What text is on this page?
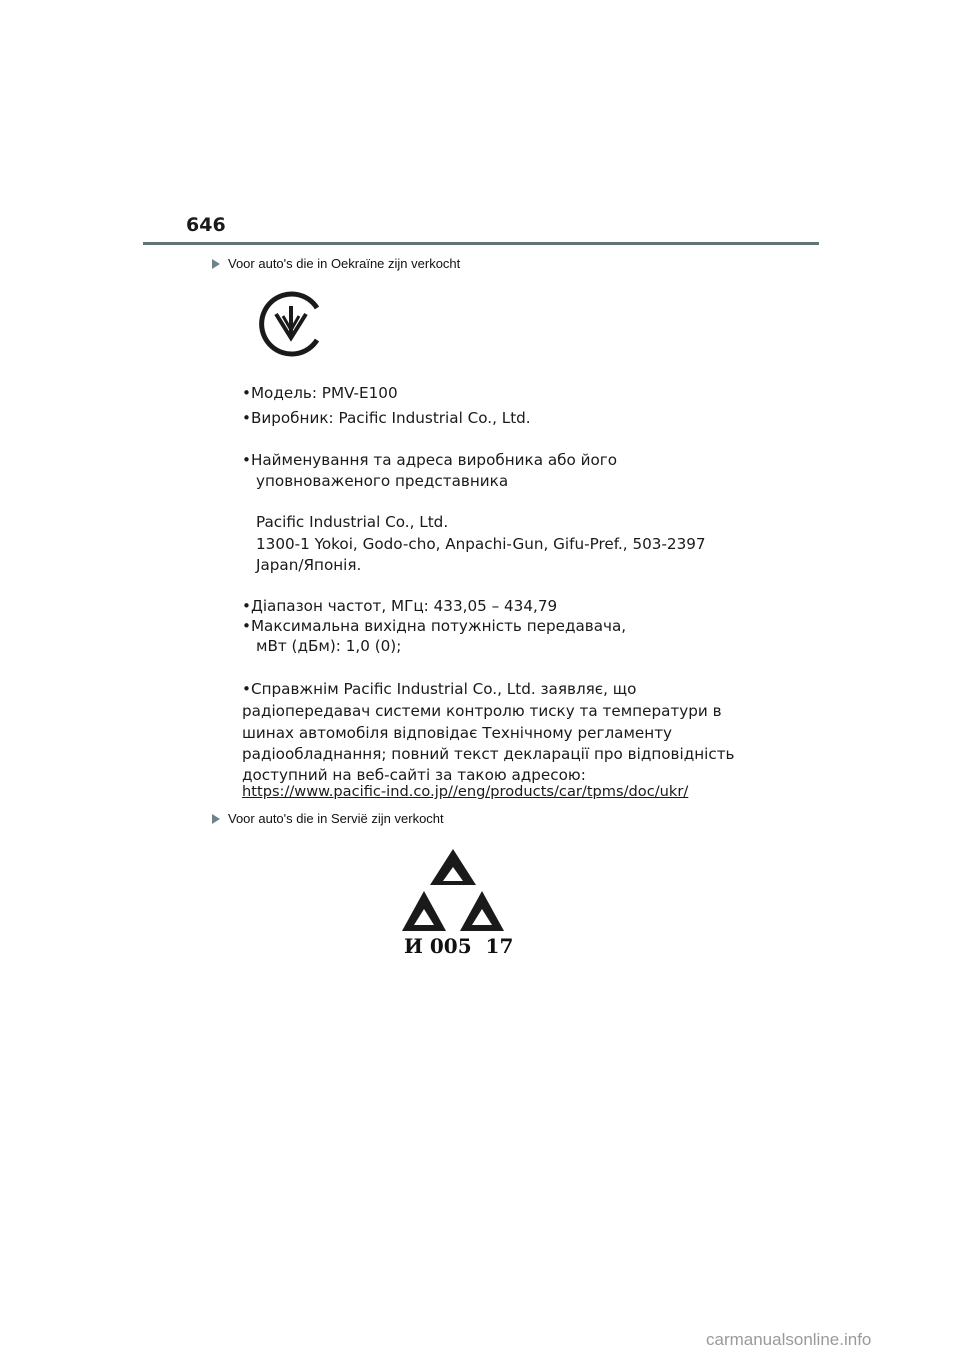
646
Voor auto's die in Oekraïne zijn verkocht
•Модель: PMV-E100
•Виробник: Pacific Industrial Co., Ltd.
•Найменування та адреса виробника або його
уповноваженого представника
Pacific Industrial Co., Ltd.
1300-1 Yokoi, Godo-cho, Anpachi-Gun, Gifu-Pref., 503-2397
Japan/Японія.
•Діапазон частот, МГц: 433,05 – 434,79
•Максимальна вихідна потужність передавача,
мВт (дБм): 1,0 (0);
•Справжнім Pacific Industrial Co., Ltd. заявляє, що
радіопередавач системи контролю тиску та температури в
шинах автомобіля відповідає Технічному регламенту
радіообладнання; повний текст декларації про відповідність
доступний на веб-сайті за такою адресою:
https://www.pacific-ind.co.jp//eng/products/car/tpms/doc/ukr/
Voor auto's die in Servië zijn verkocht
И 005  17
carmanualsonline.info
